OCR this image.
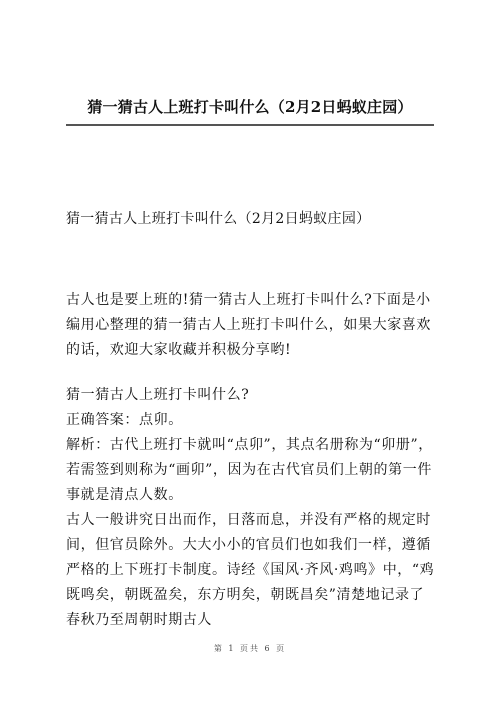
猜一猜古人上班打卡叫什么（2月2日蚂蚁庄园）
猜一猜古人上班打卡叫什么（2月2日蚂蚁庄园）

古人也是要上班的!猜一猜古人上班打卡叫什么?下面是小编用心整理的猜一猜古人上班打卡叫什么，如果大家喜欢的话，欢迎大家收藏并积极分享哟!

猜一猜古人上班打卡叫什么?

正确答案：点卯。

解析：古代上班打卡就叫“点卯”，其点名册称为“卯册”，若需签到则称为“画卯”，因为在古代官员们上朝的第一件事就是清点人数。

古人一般讲究日出而作，日落而息，并没有严格的规定时间，但官员除外。大大小小的官员们也如我们一样，遵循严格的上下班打卡制度。诗经《国风·齐风·鸡鸣》中，“鸡既鸣矣，朝既盈矣，东方明矣，朝既昌矣”清楚地记录了春秋乃至周朝时期古人

第 1 页共 6 页
